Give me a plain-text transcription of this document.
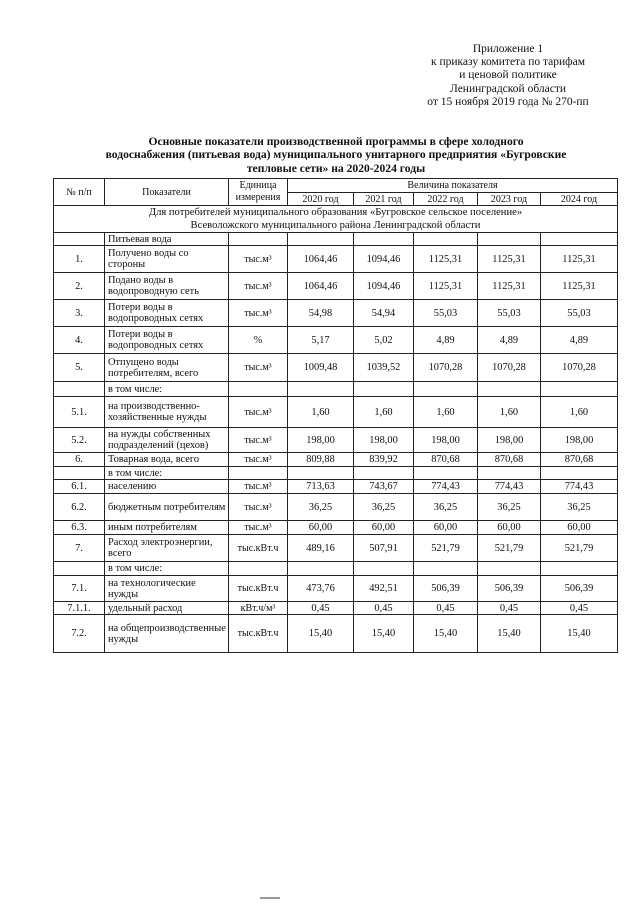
Приложение 1
к приказу комитета по тарифам
и ценовой политике
Ленинградской области
от 15 ноября 2019 года № 270-пп
Основные показатели производственной программы в сфере холодного
водоснабжения (питьевая вода) муниципального унитарного предприятия «Бугровские
тепловые сети» на 2020-2024 годы
№ п/п	Показатели	Единица измерения	Величина показателя				
			2020 год	2021 год	2022 год	2023 год	2024 год

Для потребителей муниципального образования «Бугровское сельское поселение»
Всеволожского муниципального района Ленинградской области							

	Питьевая вода						
1.	Получено воды со стороны	тыс.м³	1064,46	1094,46	1125,31	1125,31	1125,31
2.	Подано воды в водопроводную сеть	тыс.м³	1064,46	1094,46	1125,31	1125,31	1125,31
3.	Потери воды в водопроводных сетях	тыс.м³	54,98	54,94	55,03	55,03	55,03
4.	Потери воды в водопроводных сетях	%	5,17	5,02	4,89	4,89	4,89
5.	Отпущено воды потребителям, всего	тыс.м³	1009,48	1039,52	1070,28	1070,28	1070,28
	в том числе:						
5.1.	на производственно-хозяйственные нужды	тыс.м³	1,60	1,60	1,60	1,60	1,60
5.2.	на нужды собственных подразделений (цехов)	тыс.м³	198,00	198,00	198,00	198,00	198,00
6.	Товарная вода, всего	тыс.м³	809,88	839,92	870,68	870,68	870,68
	в том числе:						
6.1.	населению	тыс.м³	713,63	743,67	774,43	774,43	774,43
6.2.	бюджетным потребителям	тыс.м³	36,25	36,25	36,25	36,25	36,25
6.3.	иным потребителям	тыс.м³	60,00	60,00	60,00	60,00	60,00
7.	Расход электроэнергии, всего	тыс.кВт.ч	489,16	507,91	521,79	521,79	521,79
	в том числе:						
7.1.	на технологические нужды	тыс.кВт.ч	473,76	492,51	506,39	506,39	506,39
7.1.1.	удельный расход	кВт.ч/м³	0,45	0,45	0,45	0,45	0,45
7.2.	на общепроизводственные нужды	тыс.кВт.ч	15,40	15,40	15,40	15,40	15,40
